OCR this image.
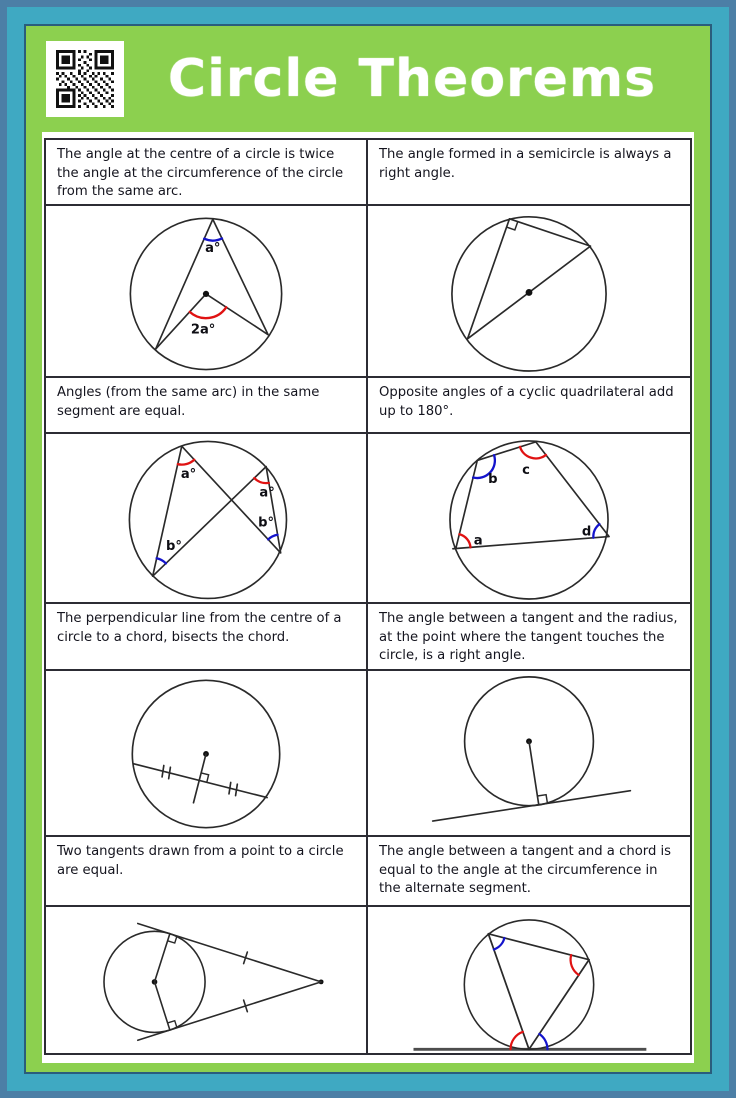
Circle Theorems
The angle at the centre of a circle is twice the angle at the circumference of the circle from the same arc.
The angle formed in a semicircle is always a right angle.
a°
2a°
Angles (from the same arc) in the same segment are equal.
Opposite angles of a cyclic quadrilateral add up to 180°.
a°
a°
b°
b°
a
b
c
d
The perpendicular line from the centre of a circle to a chord, bisects the chord.
The angle between a tangent and the radius, at the point where the tangent touches the circle, is a right angle.
Two tangents drawn from a point to a circle are equal.
The angle between a tangent and a chord is equal to the angle at the circumference in the alternate segment.
